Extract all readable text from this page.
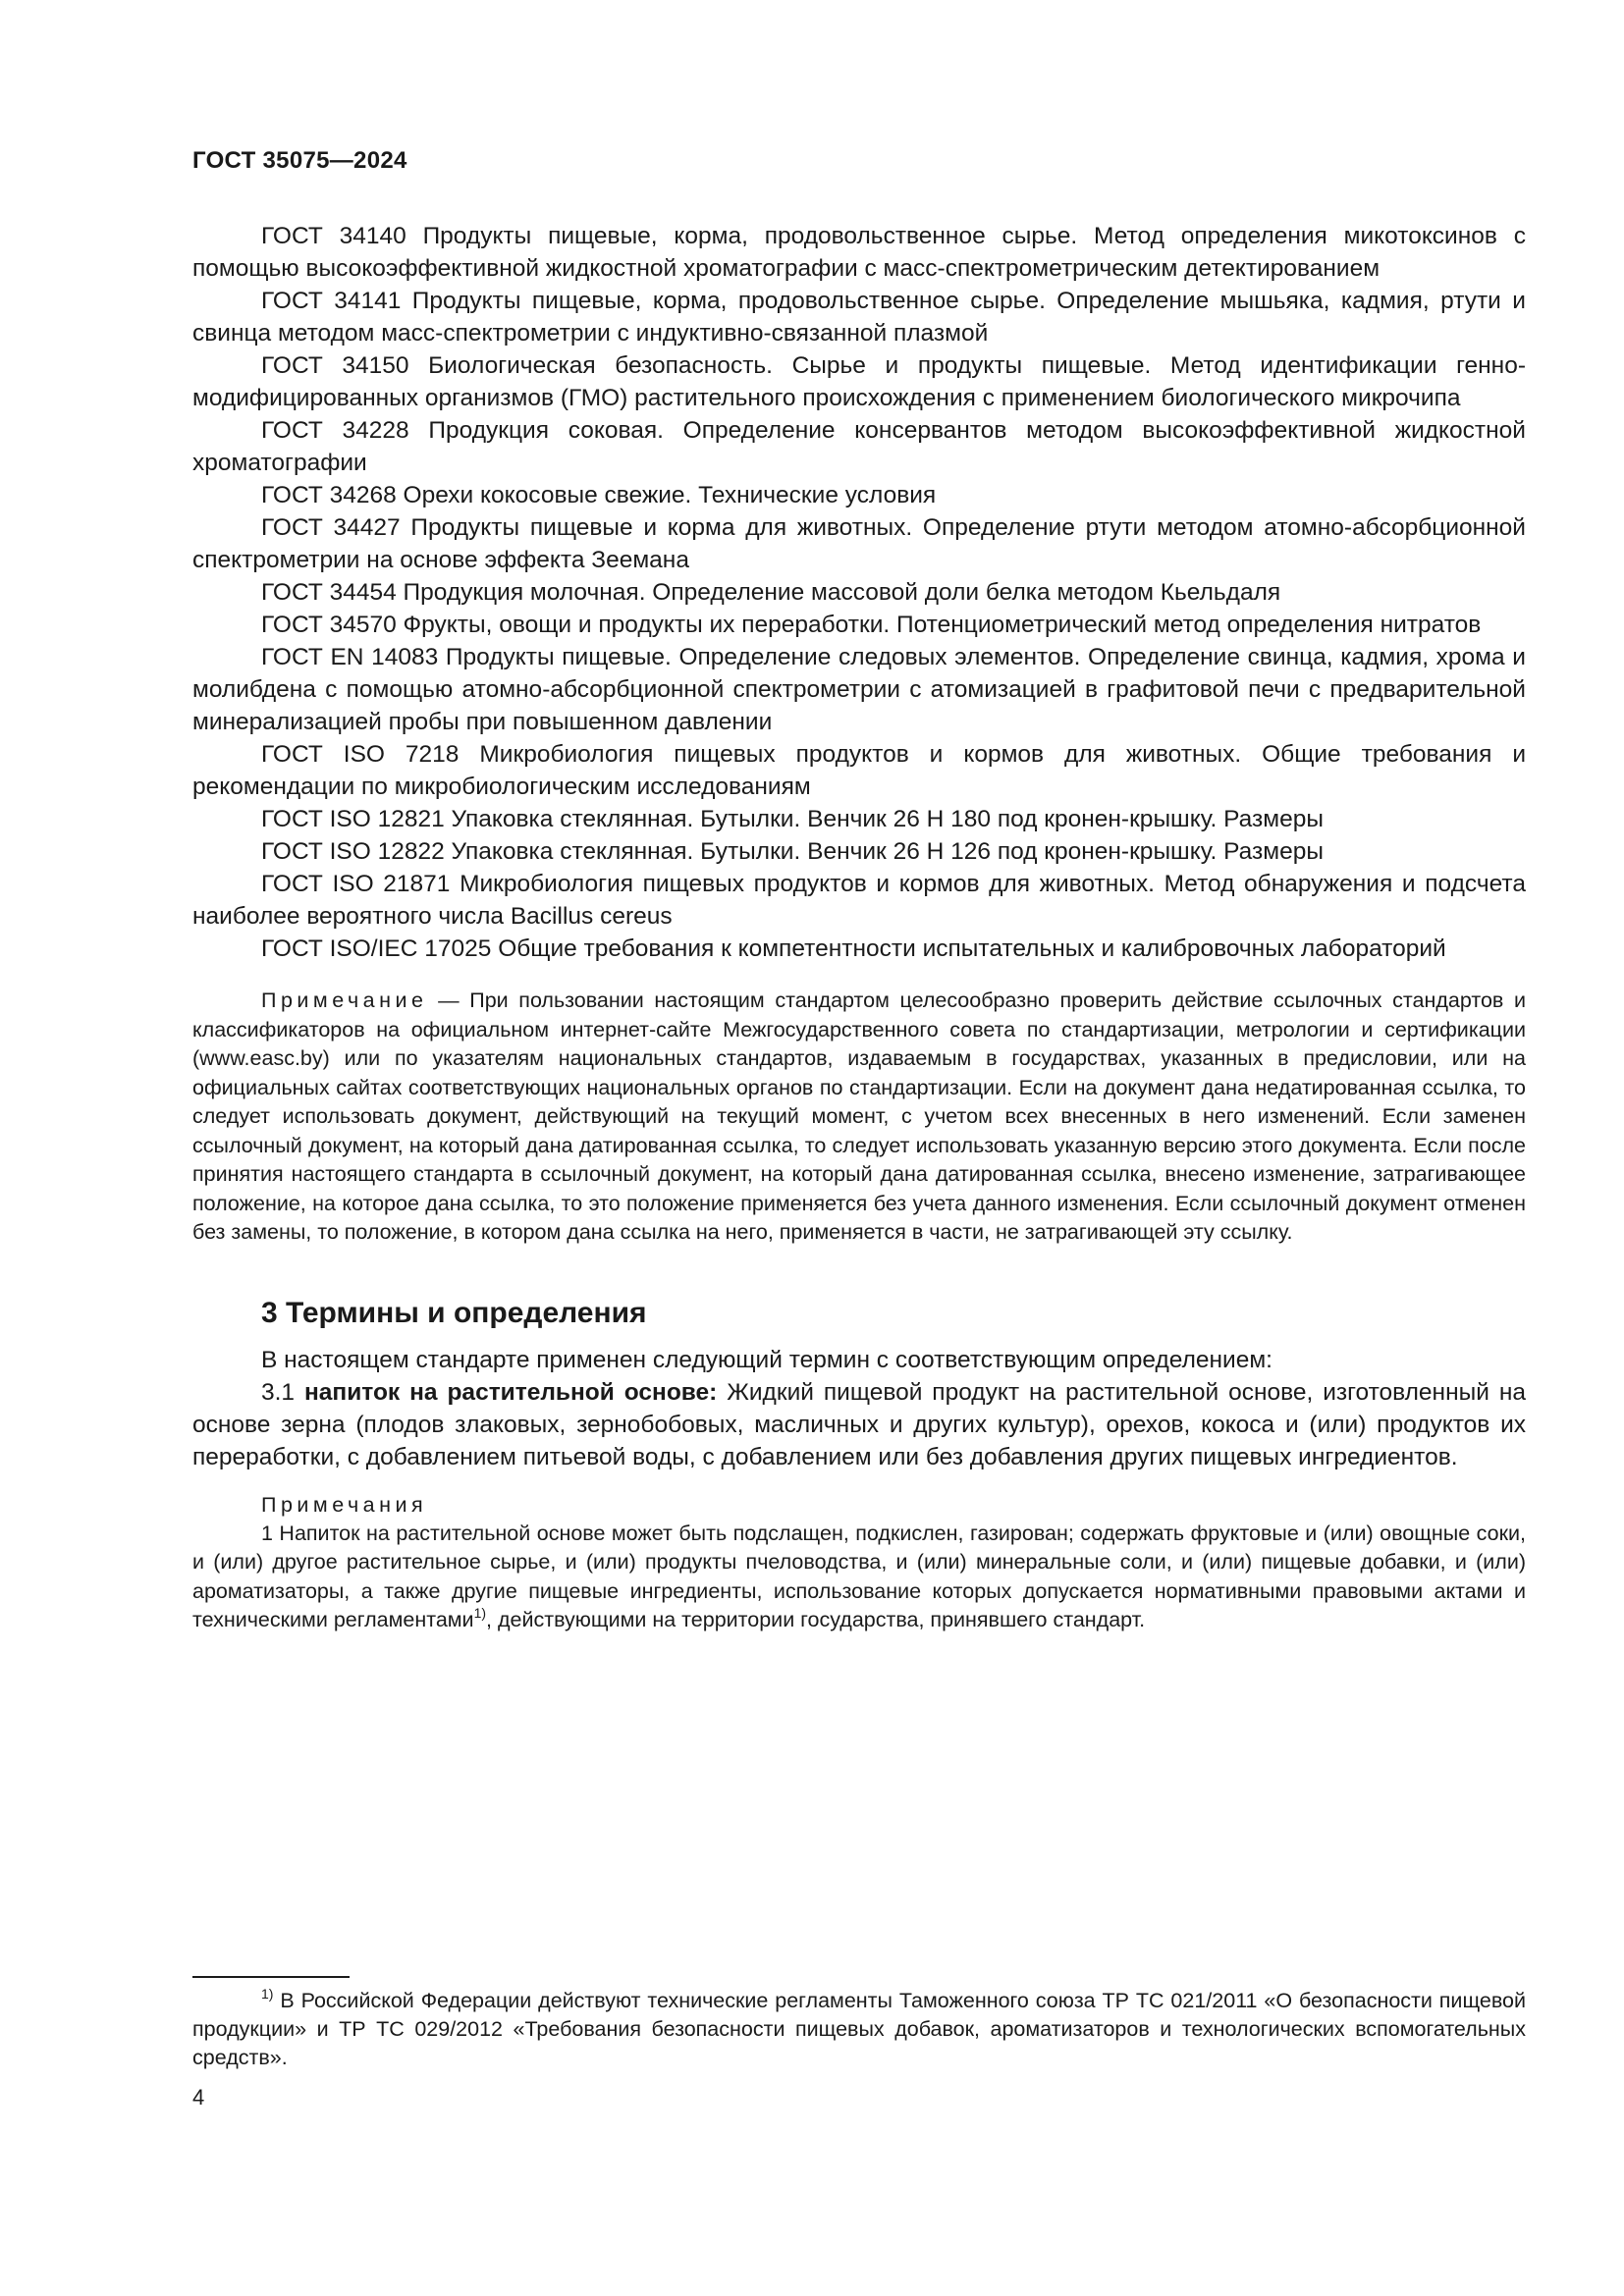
ГОСТ 35075—2024

ГОСТ 34140 Продукты пищевые, корма, продовольственное сырье. Метод определения микотоксинов с помощью высокоэффективной жидкостной хроматографии с масс-спектрометрическим детектированием

ГОСТ 34141 Продукты пищевые, корма, продовольственное сырье. Определение мышьяка, кадмия, ртути и свинца методом масс-спектрометрии с индуктивно-связанной плазмой

ГОСТ 34150 Биологическая безопасность. Сырье и продукты пищевые. Метод идентификации генно-модифицированных организмов (ГМО) растительного происхождения с применением биологического микрочипа

ГОСТ 34228 Продукция соковая. Определение консервантов методом высокоэффективной жидкостной хроматографии

ГОСТ 34268 Орехи кокосовые свежие. Технические условия

ГОСТ 34427 Продукты пищевые и корма для животных. Определение ртути методом атомно-абсорбционной спектрометрии на основе эффекта Зеемана

ГОСТ 34454 Продукция молочная. Определение массовой доли белка методом Кьельдаля

ГОСТ 34570 Фрукты, овощи и продукты их переработки. Потенциометрический метод определения нитратов

ГОСТ EN 14083 Продукты пищевые. Определение следовых элементов. Определение свинца, кадмия, хрома и молибдена с помощью атомно-абсорбционной спектрометрии с атомизацией в графитовой печи с предварительной минерализацией пробы при повышенном давлении

ГОСТ ISO 7218 Микробиология пищевых продуктов и кормов для животных. Общие требования и рекомендации по микробиологическим исследованиям

ГОСТ ISO 12821 Упаковка стеклянная. Бутылки. Венчик 26 Н 180 под кронен-крышку. Размеры

ГОСТ ISO 12822 Упаковка стеклянная. Бутылки. Венчик 26 Н 126 под кронен-крышку. Размеры

ГОСТ ISO 21871 Микробиология пищевых продуктов и кормов для животных. Метод обнаружения и подсчета наиболее вероятного числа Bacillus cereus

ГОСТ ISO/IEC 17025 Общие требования к компетентности испытательных и калибровочных лабораторий

Примечание — При пользовании настоящим стандартом целесообразно проверить действие ссылочных стандартов и классификаторов на официальном интернет-сайте Межгосударственного совета по стандартизации, метрологии и сертификации (www.easc.by) или по указателям национальных стандартов, издаваемым в государствах, указанных в предисловии, или на официальных сайтах соответствующих национальных органов по стандартизации. Если на документ дана недатированная ссылка, то следует использовать документ, действующий на текущий момент, с учетом всех внесенных в него изменений. Если заменен ссылочный документ, на который дана датированная ссылка, то следует использовать указанную версию этого документа. Если после принятия настоящего стандарта в ссылочный документ, на который дана датированная ссылка, внесено изменение, затрагивающее положение, на которое дана ссылка, то это положение применяется без учета данного изменения. Если ссылочный документ отменен без замены, то положение, в котором дана ссылка на него, применяется в части, не затрагивающей эту ссылку.

3 Термины и определения

В настоящем стандарте применен следующий термин с соответствующим определением:

3.1 напиток на растительной основе: Жидкий пищевой продукт на растительной основе, изготовленный на основе зерна (плодов злаковых, зернобобовых, масличных и других культур), орехов, кокоса и (или) продуктов их переработки, с добавлением питьевой воды, с добавлением или без добавления других пищевых ингредиентов.

Примечания

1 Напиток на растительной основе может быть подслащен, подкислен, газирован; содержать фруктовые и (или) овощные соки, и (или) другое растительное сырье, и (или) продукты пчеловодства, и (или) минеральные соли, и (или) пищевые добавки, и (или) ароматизаторы, а также другие пищевые ингредиенты, использование которых допускается нормативными правовыми актами и техническими регламентами$^{1)}$, действующими на территории государства, принявшего стандарт.

$^{1)}$ В Российской Федерации действуют технические регламенты Таможенного союза ТР ТС 021/2011 «О безопасности пищевой продукции» и ТР ТС 029/2012 «Требования безопасности пищевых добавок, ароматизаторов и технологических вспомогательных средств».
4
